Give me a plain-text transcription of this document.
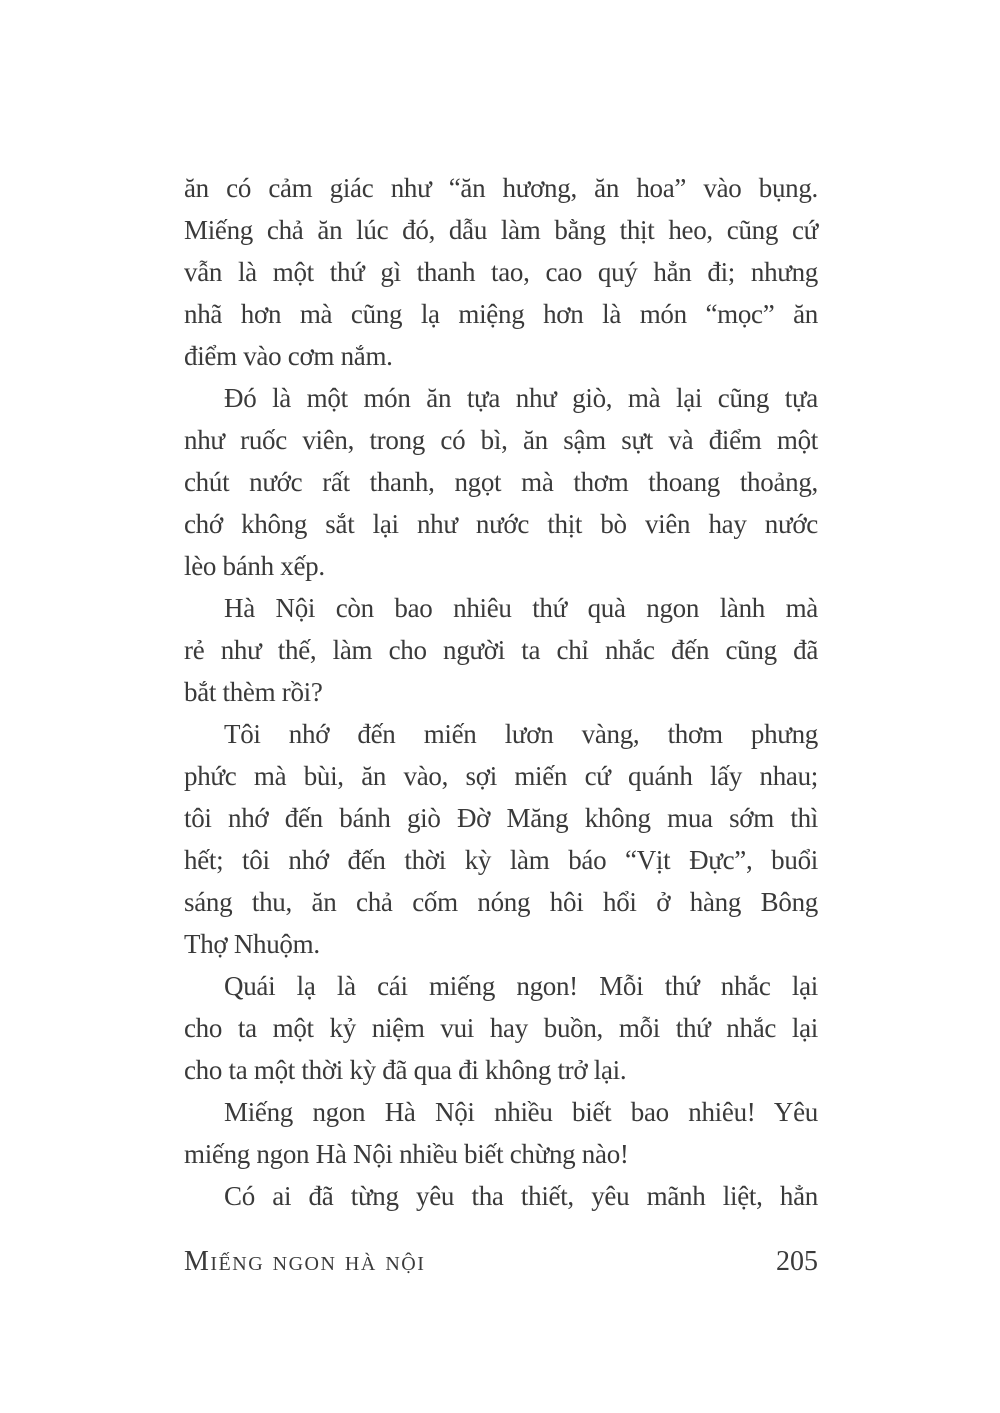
ăn có cảm giác như “ăn hương, ăn hoa” vào bụng.
Miếng chả ăn lúc đó, dẫu làm bằng thịt heo, cũng cứ
vẫn là một thứ gì thanh tao, cao quý hẳn đi; nhưng
nhã hơn mà cũng lạ miệng hơn là món “mọc” ăn
điểm vào cơm nắm.
Đó là một món ăn tựa như giò, mà lại cũng tựa
như ruốc viên, trong có bì, ăn sậm sựt và điểm một
chút nước rất thanh, ngọt mà thơm thoang thoảng,
chớ không sắt lại như nước thịt bò viên hay nước
lèo bánh xếp.
Hà Nội còn bao nhiêu thứ quà ngon lành mà
rẻ như thế, làm cho người ta chỉ nhắc đến cũng đã
bắt thèm rồi?
Tôi nhớ đến miến lươn vàng, thơm phưng
phức mà bùi, ăn vào, sợi miến cứ quánh lấy nhau;
tôi nhớ đến bánh giò Đờ Măng không mua sớm thì
hết; tôi nhớ đến thời kỳ làm báo “Vịt Đực”, buổi
sáng thu, ăn chả cốm nóng hôi hổi ở hàng Bông
Thợ Nhuộm.
Quái lạ là cái miếng ngon! Mỗi thứ nhắc lại
cho ta một kỷ niệm vui hay buồn, mỗi thứ nhắc lại
cho ta một thời kỳ đã qua đi không trở lại.
Miếng ngon Hà Nội nhiều biết bao nhiêu! Yêu
miếng ngon Hà Nội nhiều biết chừng nào!
Có ai đã từng yêu tha thiết, yêu mãnh liệt, hẳn
Miếng ngon hà nội	205
